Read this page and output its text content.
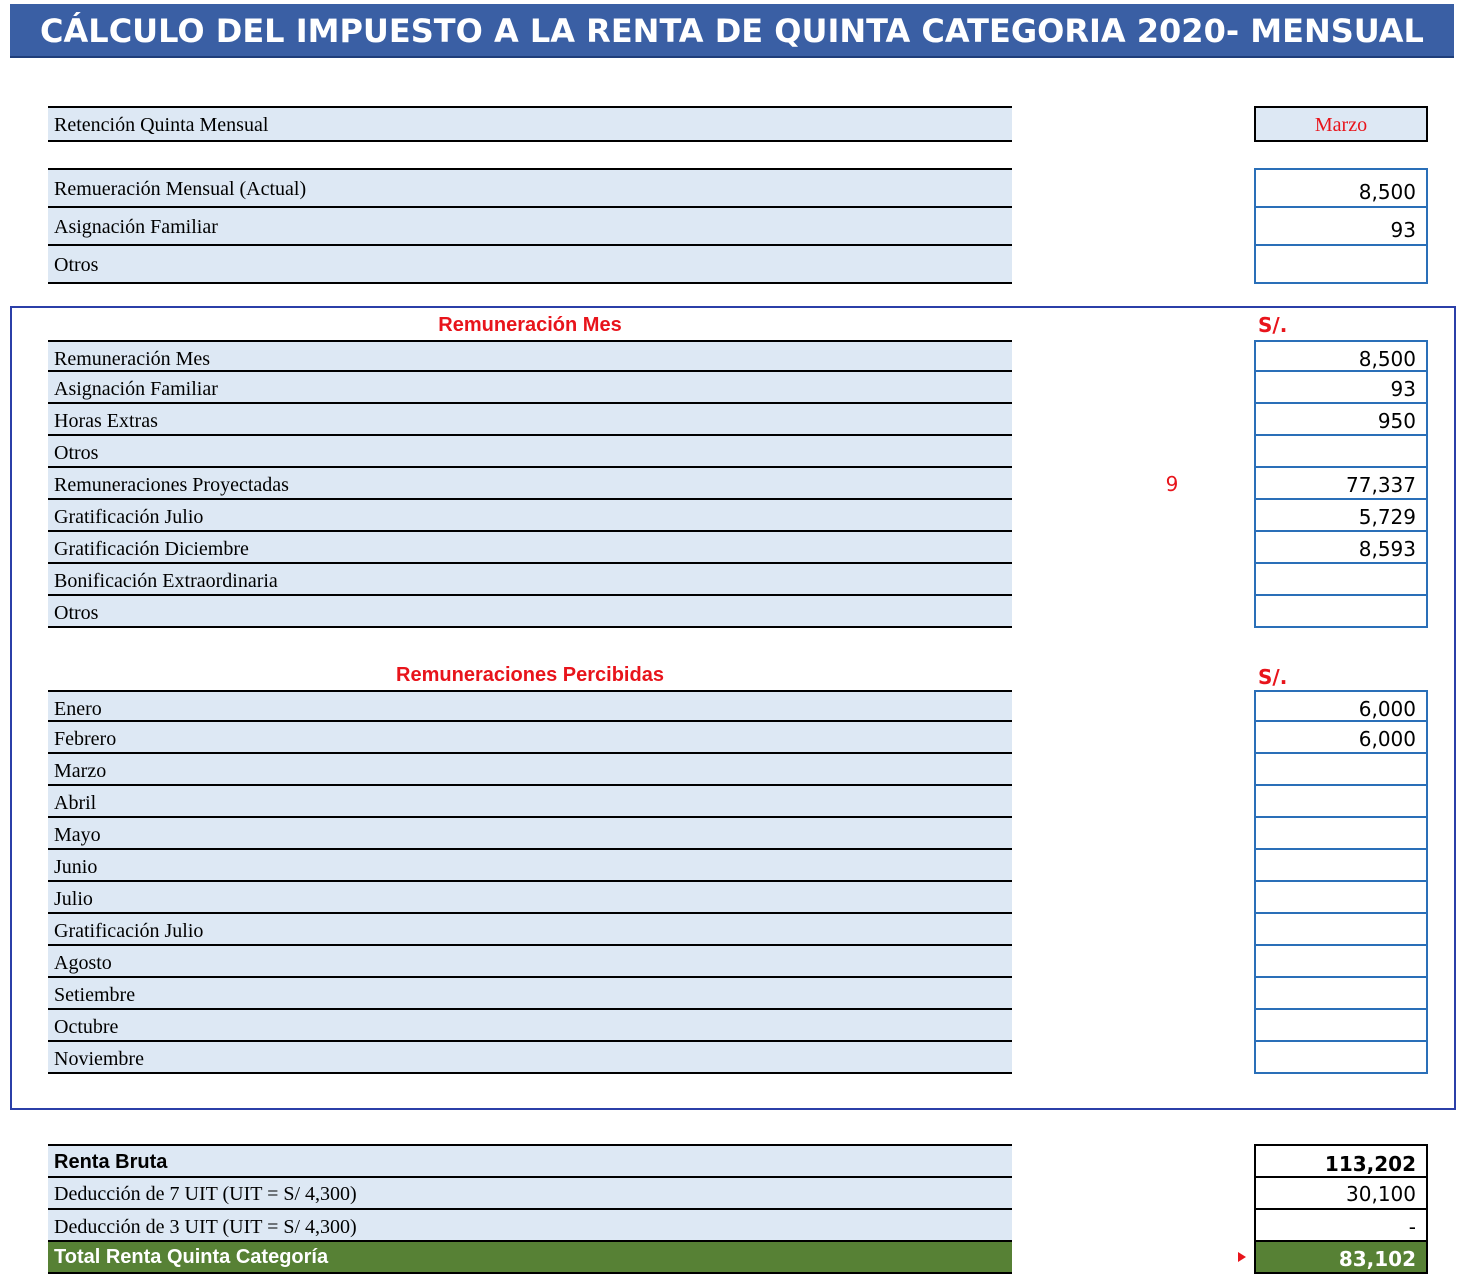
CÁLCULO DEL IMPUESTO A LA RENTA DE QUINTA CATEGORIA 2020- MENSUAL
Retención Quinta Mensual	Marzo
Remueración Mensual (Actual)	8,500
Asignación Familiar	93
Otros
Remuneración Mes	S/.
Remuneración Mes	8,500
Asignación Familiar	93
Horas Extras	950
Otros
Remuneraciones Proyectadas	77,337
Gratificación Julio	5,729
Gratificación Diciembre	8,593
Bonificación Extraordinaria
Otros
9
Remuneraciones Percibidas	S/.
Enero	6,000
Febrero	6,000
Marzo
Abril
Mayo
Junio
Julio
Gratificación Julio
Agosto
Setiembre
Octubre
Noviembre
Renta Bruta	113,202
Deducción de 7 UIT (UIT = S/ 4,300)	30,100
Deducción de 3 UIT (UIT = S/ 4,300)	-
Total Renta Quinta Categoría	83,102
